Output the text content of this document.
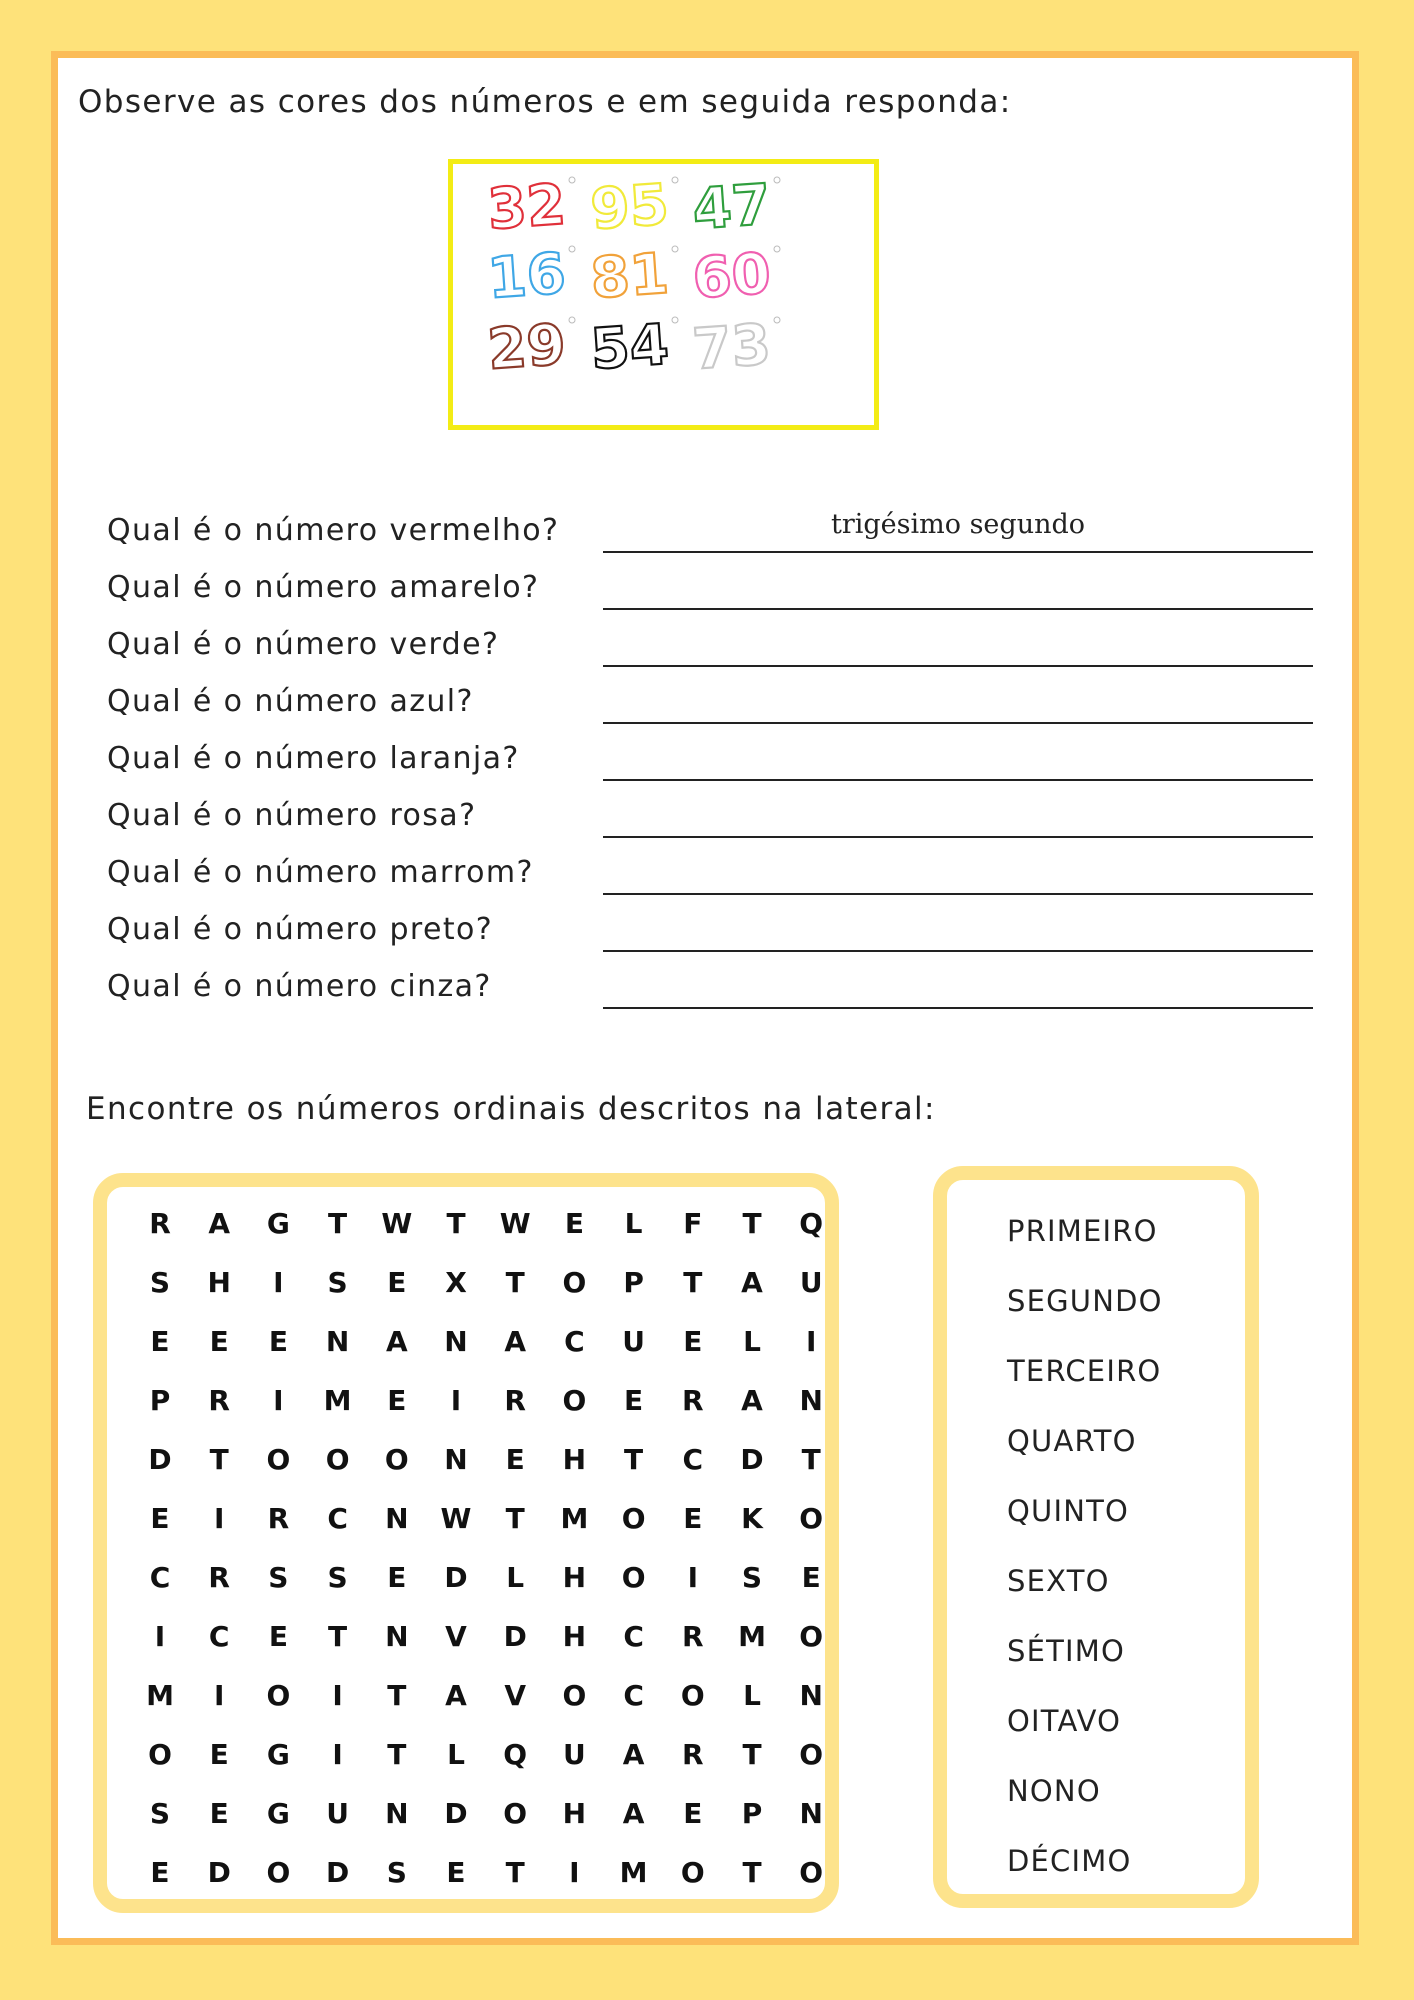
Observe as cores dos números e em seguida responda:
32 95 47
16 81 60
29 54 73
Qual é o número vermelho?	trigésimo segundo
Qual é o número amarelo?
Qual é o número verde?
Qual é o número azul?
Qual é o número laranja?
Qual é o número rosa?
Qual é o número marrom?
Qual é o número preto?
Qual é o número cinza?
Encontre os números ordinais descritos na lateral:
R	A	G	T	W	T	W	E	L	F	T	Q
S	H	I	S	E	X	T	O	P	T	A	U
E	E	E	N	A	N	A	C	U	E	L	I
P	R	I	M	E	I	R	O	E	R	A	N
D	T	O	O	O	N	E	H	T	C	D	T
E	I	R	C	N	W	T	M	O	E	K	O
C	R	S	S	E	D	L	H	O	I	S	E
I	C	E	T	N	V	D	H	C	R	M	O
M	I	O	I	T	A	V	O	C	O	L	N
O	E	G	I	T	L	Q	U	A	R	T	O
S	E	G	U	N	D	O	H	A	E	P	N
E	D	O	D	S	E	T	I	M	O	T	O
PRIMEIRO
SEGUNDO
TERCEIRO
QUARTO
QUINTO
SEXTO
SÉTIMO
OITAVO
NONO
DÉCIMO
